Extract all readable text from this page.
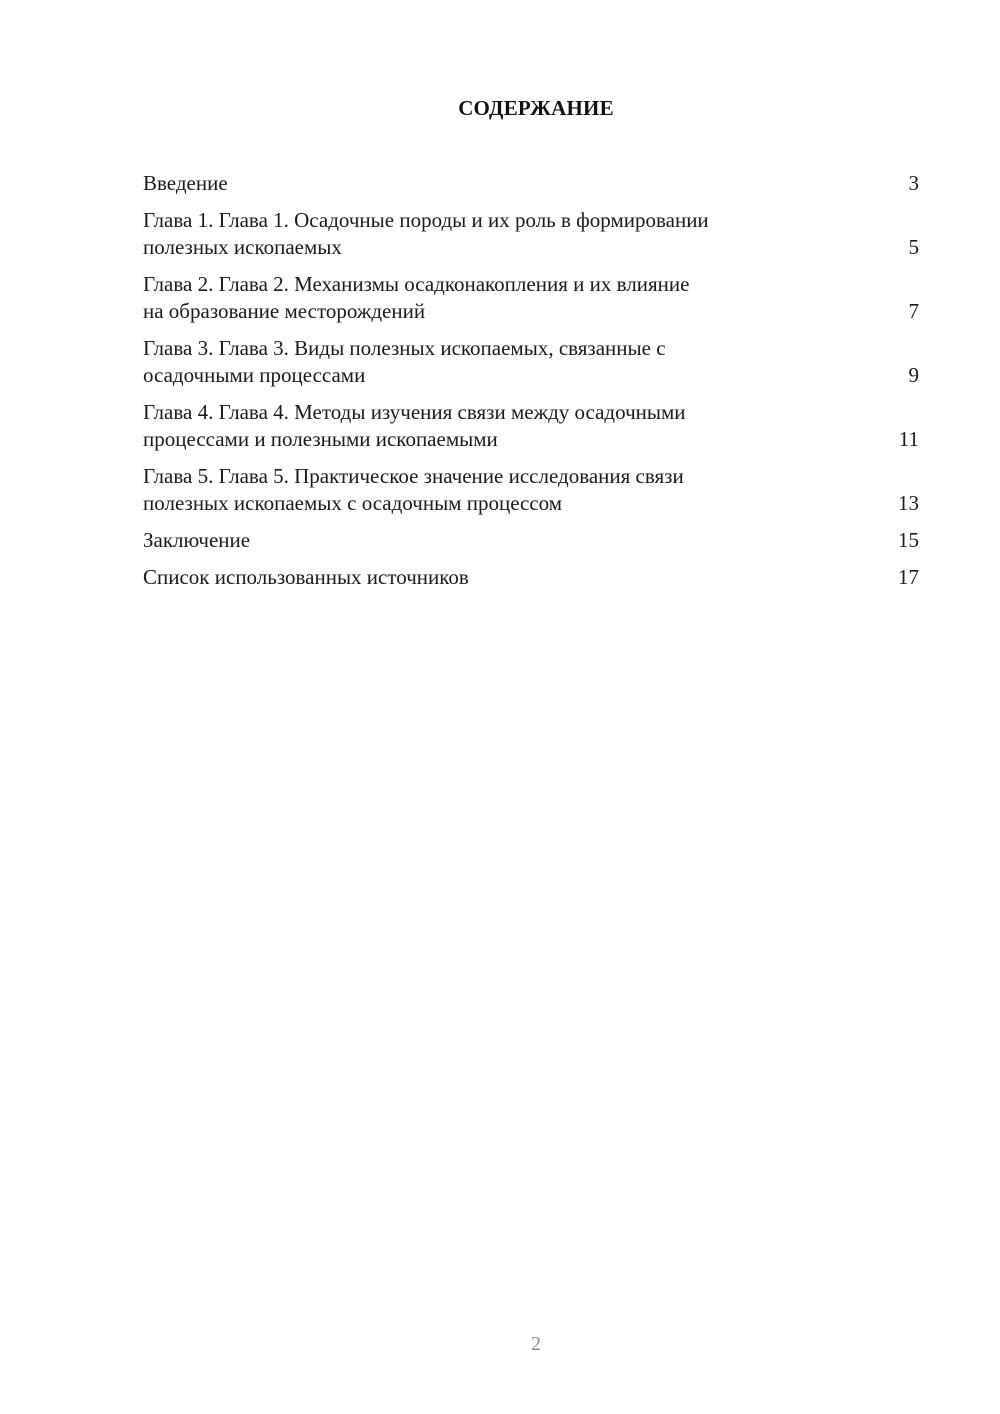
СОДЕРЖАНИЕ
Введение	3
Глава 1. Глава 1. Осадочные породы и их роль в формировании
полезных ископаемых	5
Глава 2. Глава 2. Механизмы осадконакопления и их влияние
на образование месторождений	7
Глава 3. Глава 3. Виды полезных ископаемых, связанные с
осадочными процессами	9
Глава 4. Глава 4. Методы изучения связи между осадочными
процессами и полезными ископаемыми	11
Глава 5. Глава 5. Практическое значение исследования связи
полезных ископаемых с осадочным процессом	13
Заключение	15
Список использованных источников	17
2
